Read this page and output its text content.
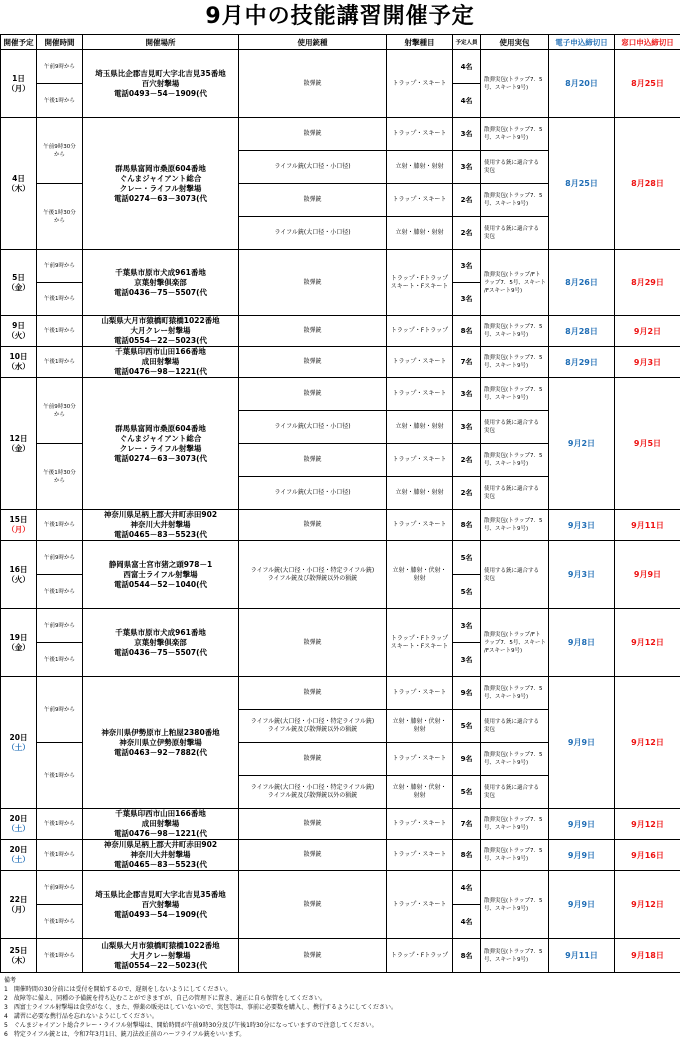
9月中の技能講習開催予定
開催予定	開催時間	開催場所	使用銃種	射撃種目	予定人員	使用実包	電子申込締切日	窓口申込締切日
1日
（月）	午前9時から	埼玉県比企郡吉見町大字北吉見35番地
百穴射撃場
電話0493－54－1909(代	散弾銃	トラップ・スキート	4名	散弾実包(トラップ7．5
号、スキート9号)	8月20日	8月25日
	午後1時から				4名			
4日
（木）	午前9時30分
から	群馬県富岡市桑原604番地
ぐんまジャイアント総合
クレー・ライフル射撃場
電話0274－63－3073(代	散弾銃	トラップ・スキート	3名	散弾実包(トラップ7．5
号、スキート9号)	8月25日	8月28日
			ライフル銃(大口径・小口径)	立射・膝射・射射	3名	使用する銃に適合する
実包		
	午後1時30分
から		散弾銃	トラップ・スキート	2名	散弾実包(トラップ7．5
号、スキート9号)		
			ライフル銃(大口径・小口径)	立射・膝射・射射	2名	使用する銃に適合する
実包		
5日
（金）	午前9時から	千葉県市原市犬成961番地
京葉射撃倶楽部
電話0436－75－5507(代	散弾銃	トラップ・Fトラップ
スキート・Fスキート	3名	散弾実包(トラップ/Fト
ラップ7．5号、スキート
/Fスキート9号)	8月26日	8月29日
	午後1時から				3名			
9日
（火）	午後1時から	山梨県大月市猿橋町猿橋1022番地
大月クレー射撃場
電話0554－22－5023(代	散弾銃	トラップ・Fトラップ	8名	散弾実包(トラップ7．5
号、スキート9号)	8月28日	9月2日
10日
（水）	午後1時から	千葉県印西市山田166番地
成田射撃場
電話0476－98－1221(代	散弾銃	トラップ・スキート	7名	散弾実包(トラップ7．5
号、スキート9号)	8月29日	9月3日
12日
（金）	午前9時30分
から	群馬県富岡市桑原604番地
ぐんまジャイアント総合
クレー・ライフル射撃場
電話0274－63－3073(代	散弾銃	トラップ・スキート	3名	散弾実包(トラップ7．5
号、スキート9号)	9月2日	9月5日
			ライフル銃(大口径・小口径)	立射・膝射・射射	3名	使用する銃に適合する
実包		
	午後1時30分
から		散弾銃	トラップ・スキート	2名	散弾実包(トラップ7．5
号、スキート9号)		
			ライフル銃(大口径・小口径)	立射・膝射・射射	2名	使用する銃に適合する
実包		
15日
（月）	午後1時から	神奈川県足柄上郡大井町赤田902
神奈川大井射撃場
電話0465－83－5523(代	散弾銃	トラップ・スキート	8名	散弾実包(トラップ7．5
号、スキート9号)	9月3日	9月11日
16日
（火）	午前9時から	静岡県富士宮市猪之頭978－1
西富士ライフル射撃場
電話0544－52－1040(代	ライフル銃(大口径・小口径・特定ライフル銃)
ライフル銃及び散弾銃以外の猟銃	立射・膝射・伏射・
射射	5名	使用する銃に適合する
実包	9月3日	9月9日
	午後1時から				5名			
19日
（金）	午前9時から	千葉県市原市犬成961番地
京葉射撃倶楽部
電話0436－75－5507(代	散弾銃	トラップ・Fトラップ
スキート・Fスキート	3名	散弾実包(トラップ/Fト
ラップ7．5号、スキート
/Fスキート9号)	9月8日	9月12日
	午後1時から				3名			
20日
（土）	午前9時から	神奈川県伊勢原市上粕屋2380番地
神奈川県立伊勢原射撃場
電話0463－92－7882(代	散弾銃	トラップ・スキート	9名	散弾実包(トラップ7．5
号、スキート9号)	9月9日	9月12日
			ライフル銃(大口径・小口径・特定ライフル銃)
ライフル銃及び散弾銃以外の猟銃	立射・膝射・伏射・
射射	5名	使用する銃に適合する
実包		
	午後1時から		散弾銃	トラップ・スキート	9名	散弾実包(トラップ7．5
号、スキート9号)		
			ライフル銃(大口径・小口径・特定ライフル銃)
ライフル銃及び散弾銃以外の猟銃	立射・膝射・伏射・
射射	5名	使用する銃に適合する
実包		
20日
（土）	午後1時から	千葉県印西市山田166番地
成田射撃場
電話0476－98－1221(代	散弾銃	トラップ・スキート	7名	散弾実包(トラップ7．5
号、スキート9号)	9月9日	9月12日
20日
（土）	午後1時から	神奈川県足柄上郡大井町赤田902
神奈川大井射撃場
電話0465－83－5523(代	散弾銃	トラップ・スキート	8名	散弾実包(トラップ7．5
号、スキート9号)	9月9日	9月16日
22日
（月）	午前9時から	埼玉県比企郡吉見町大字北吉見35番地
百穴射撃場
電話0493－54－1909(代	散弾銃	トラップ・スキート	4名	散弾実包(トラップ7．5
号、スキート9号)	9月9日	9月12日
	午後1時から				4名			
25日
（木）	午後1時から	山梨県大月市猿橋町猿橋1022番地
大月クレー射撃場
電話0554－22－5023(代	散弾銃	トラップ・Fトラップ	8名	散弾実包(トラップ7．5
号、スキート9号)	9月11日	9月18日
備考
1　開催時間の30分前には受付を開始するので、遅刻をしないようにしてください。
2　故障等に備え、同種の予備銃を持ち込むことができますが、自己の管理下に置き、適正に自ら保管をしてください。
3　西富士ライフル射撃場は食堂がなく、また、弾薬の販売はしていないので、実包等は、事前に必要数を購入し、携行するようにしてください。
4　講習に必要な携行品を忘れないようにしてください。
5　ぐんまジャイアント総合クレー・ライフル射撃場は、開始時間が午前9時30分及び午後1時30分になっていますので注意してください。
6　特定ライフル銃とは、令和7年3月1日、銃刀法改正前のハーフライフル銃をいいます。
